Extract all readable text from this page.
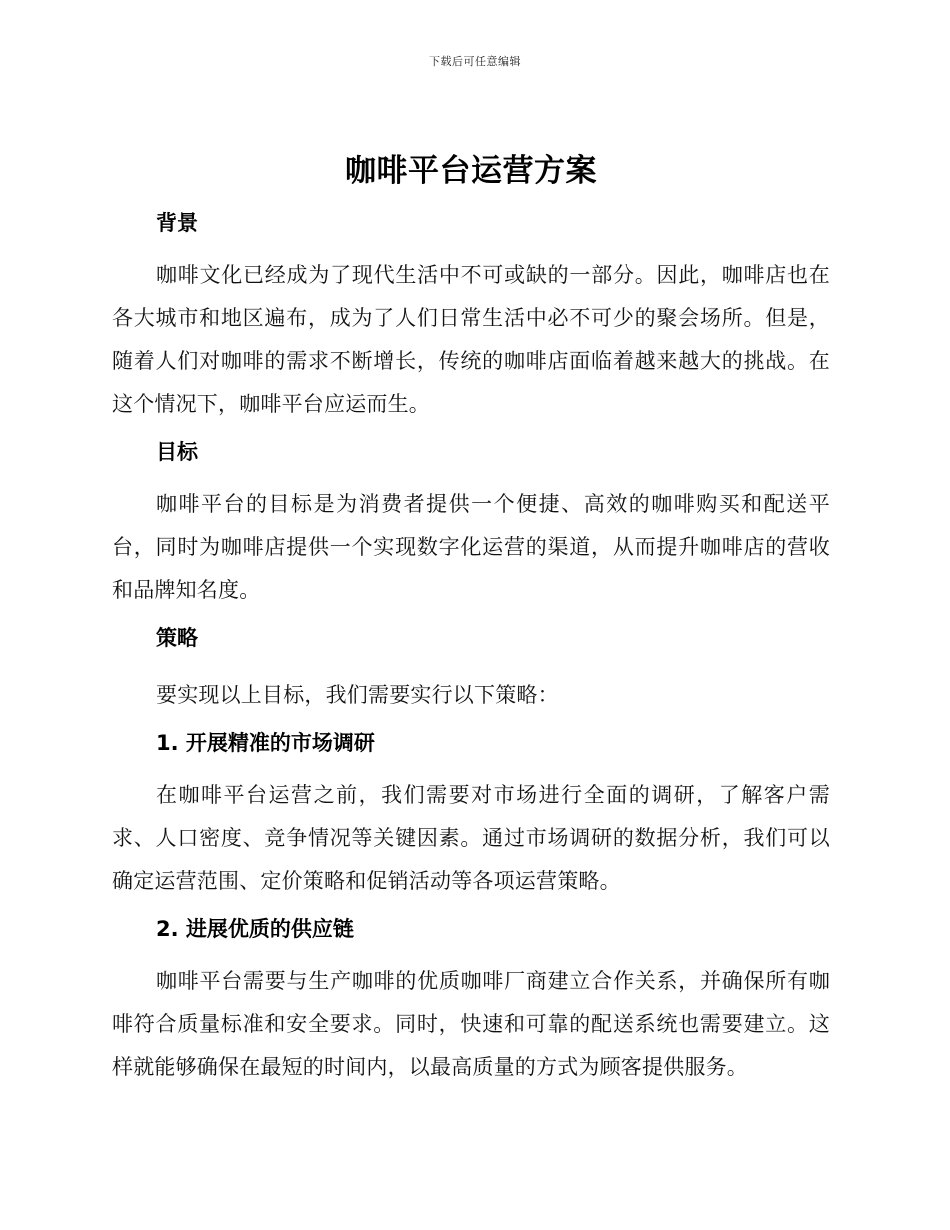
下载后可任意编辑
咖啡平台运营方案
背景

咖啡文化已经成为了现代生活中不可或缺的一部分。因此，咖啡店也在各大城市和地区遍布，成为了人们日常生活中必不可少的聚会场所。但是，随着人们对咖啡的需求不断增长，传统的咖啡店面临着越来越大的挑战。在这个情况下，咖啡平台应运而生。

目标

咖啡平台的目标是为消费者提供一个便捷、高效的咖啡购买和配送平台，同时为咖啡店提供一个实现数字化运营的渠道，从而提升咖啡店的营收和品牌知名度。

策略

要实现以上目标，我们需要实行以下策略：

1. 开展精准的市场调研

在咖啡平台运营之前，我们需要对市场进行全面的调研，了解客户需求、人口密度、竞争情况等关键因素。通过市场调研的数据分析，我们可以确定运营范围、定价策略和促销活动等各项运营策略。

2. 进展优质的供应链

咖啡平台需要与生产咖啡的优质咖啡厂商建立合作关系，并确保所有咖啡符合质量标准和安全要求。同时，快速和可靠的配送系统也需要建立。这样就能够确保在最短的时间内，以最高质量的方式为顾客提供服务。
